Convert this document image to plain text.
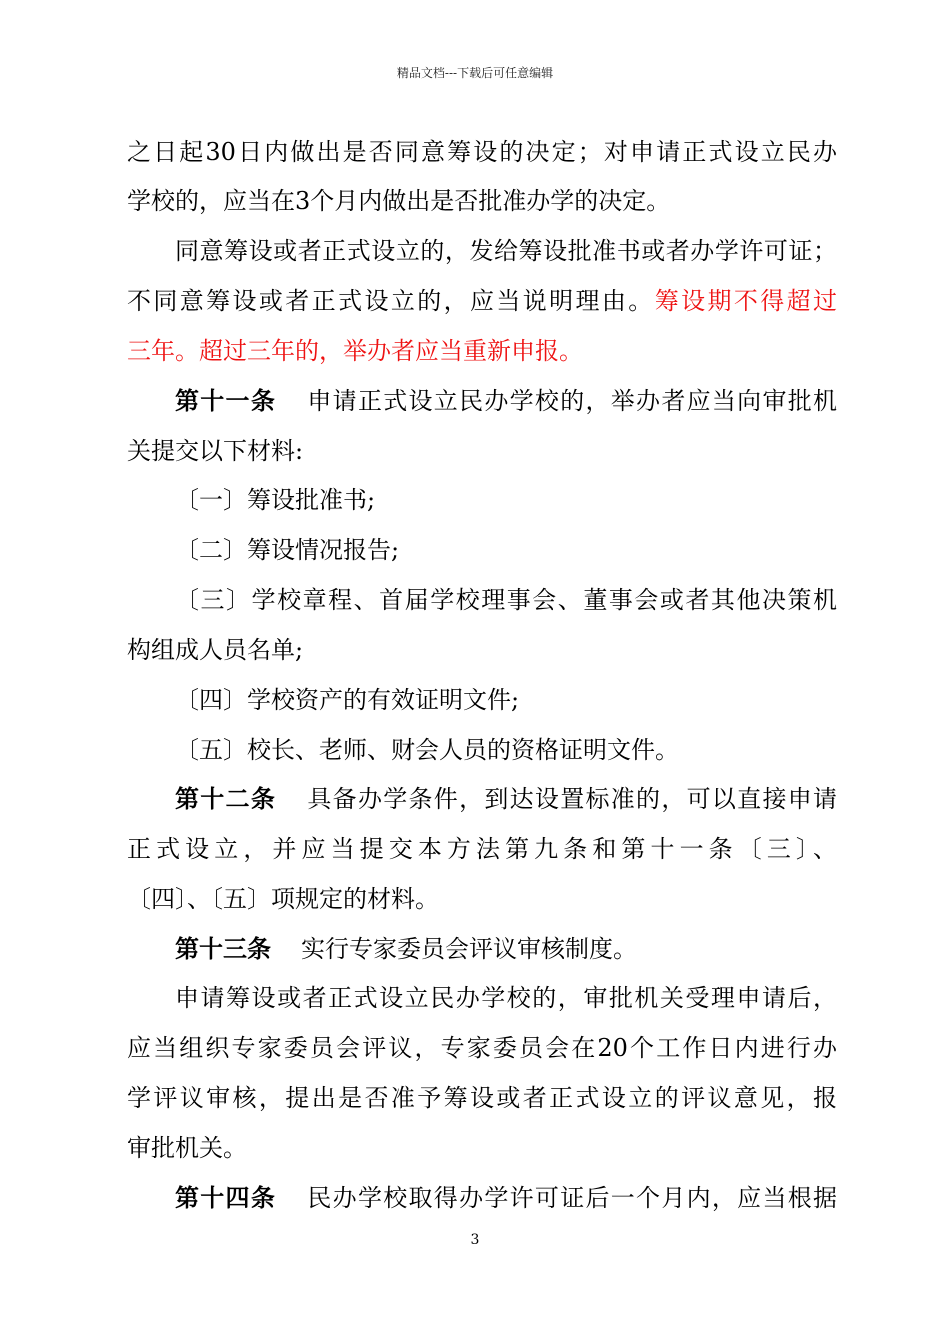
精品文档---下载后可任意编辑
之日起30日内做出是否同意筹设的决定；对申请正式设立民办
学校的，应当在3个月内做出是否批准办学的决定。
同意筹设或者正式设立的，发给筹设批准书或者办学许可证；
不同意筹设或者正式设立的，应当说明理由。筹设期不得超过
三年。超过三年的，举办者应当重新申报。
第十一条 申请正式设立民办学校的，举办者应当向审批机
关提交以下材料:
〔一〕筹设批准书;
〔二〕筹设情况报告;
〔三〕学校章程、首届学校理事会、董事会或者其他决策机
构组成人员名单;
〔四〕学校资产的有效证明文件;
〔五〕校长、老师、财会人员的资格证明文件。
第十二条 具备办学条件，到达设置标准的，可以直接申请
正式设立，并应当提交本方法第九条和第十一条〔三〕、
〔四〕、〔五〕项规定的材料。
第十三条 实行专家委员会评议审核制度。
申请筹设或者正式设立民办学校的，审批机关受理申请后，
应当组织专家委员会评议，专家委员会在20个工作日内进行办
学评议审核，提出是否准予筹设或者正式设立的评议意见，报
审批机关。
第十四条 民办学校取得办学许可证后一个月内，应当根据
3
